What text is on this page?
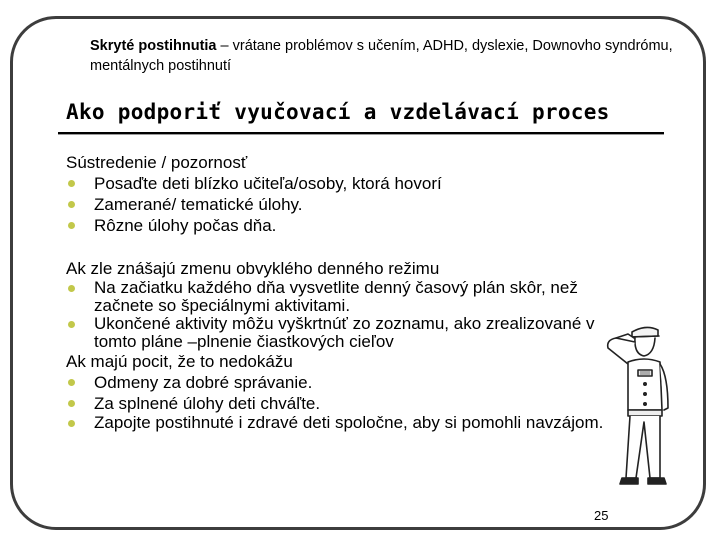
Skryté postihnutia – vrátane problémov s učením, ADHD, dyslexie, Downovho syndrómu, mentálnych postihnutí
Ako podporiť vyučovací a vzdelávací proces

Sústredenie / pozornosť

Posaďte deti blízko učiteľa/osoby, ktorá hovorí
Zamerané/ tematické úlohy.
Rôzne úlohy počas dňa.

Ak zle znášajú zmenu obvyklého denného režimu

Na začiatku každého dňa vysvetlite denný časový plán skôr, než začnete so špeciálnymi aktivitami.
Ukončené aktivity môžu vyškrtnúť zo zoznamu, ako zrealizované v tomto pláne –plnenie čiastkových cieľov

Ak majú pocit, že to nedokážu

Odmeny za dobré správanie.
Za splnené úlohy deti chváľte.
Zapojte postihnuté i zdravé deti spoločne, aby si pomohli navzájom.
25
